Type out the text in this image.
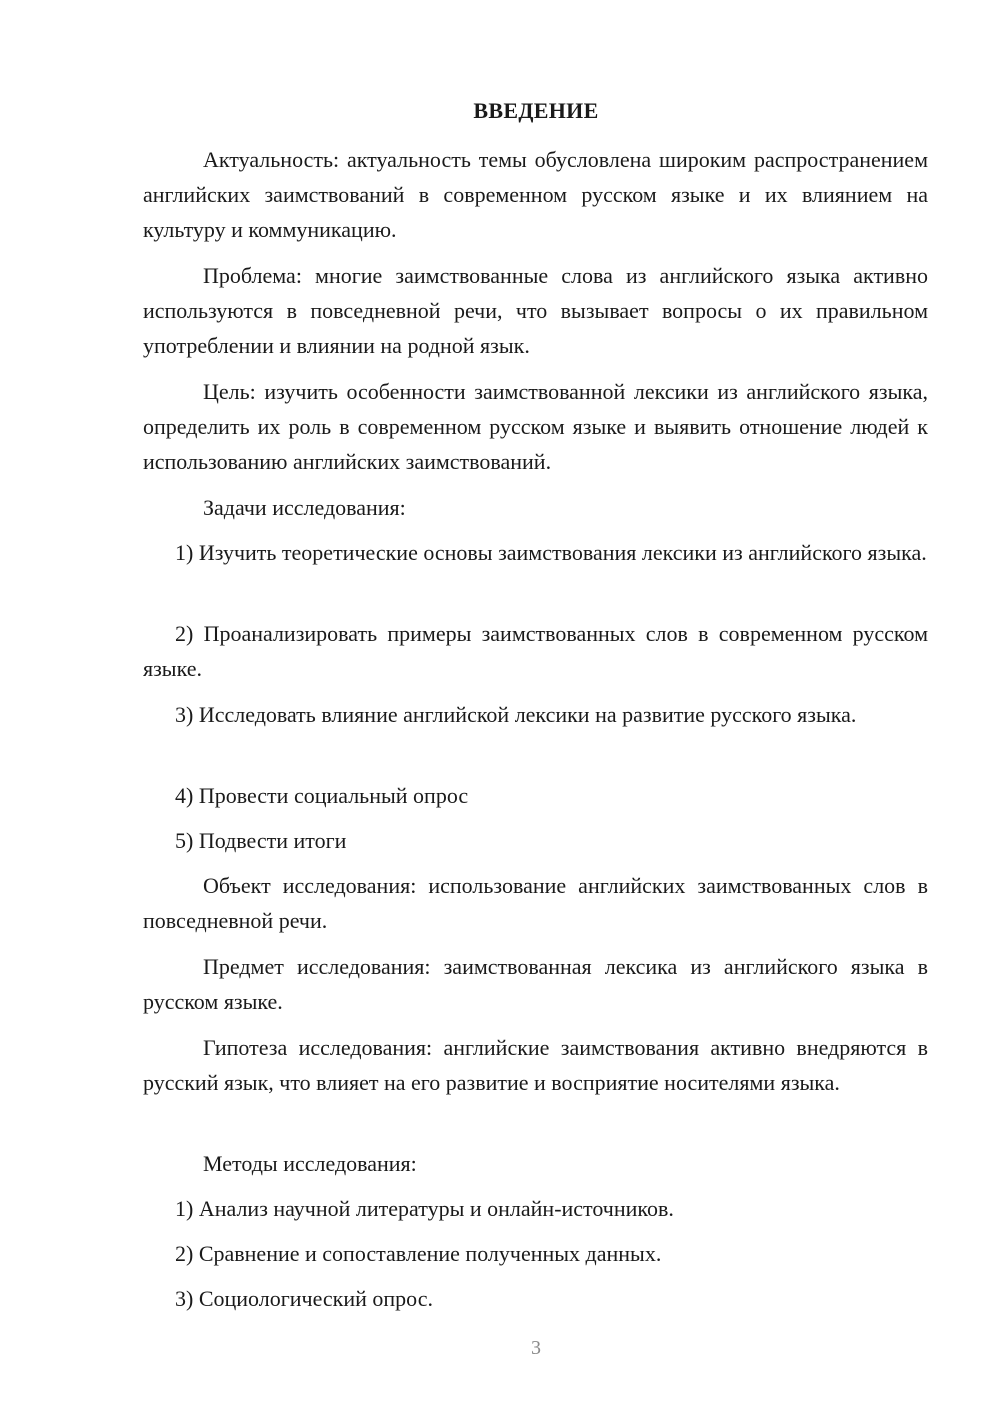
ВВЕДЕНИЕ

Актуальность: актуальность темы обусловлена широким распространением английских заимствований в современном русском языке и их влиянием на культуру и коммуникацию.

Проблема: многие заимствованные слова из английского языка активно используются в повседневной речи, что вызывает вопросы о их правильном употреблении и влиянии на родной язык.

Цель: изучить особенности заимствованной лексики из английского языка, определить их роль в современном русском языке и выявить отношение людей к использованию английских заимствований.

Задачи исследования:

1) Изучить теоретические основы заимствования лексики из английского языка.

2) Проанализировать примеры заимствованных слов в современном русском языке.

3) Исследовать влияние английской лексики на развитие русского языка.

4) Провести социальный опрос

5) Подвести итоги

Объект исследования: использование английских заимствованных слов в повседневной речи.

Предмет исследования: заимствованная лексика из английского языка в русском языке.

Гипотеза исследования: английские заимствования активно внедряются в русский язык, что влияет на его развитие и восприятие носителями языка.

Методы исследования:

1) Анализ научной литературы и онлайн-источников.

2) Сравнение и сопоставление полученных данных.

3) Социологический опрос.

3
